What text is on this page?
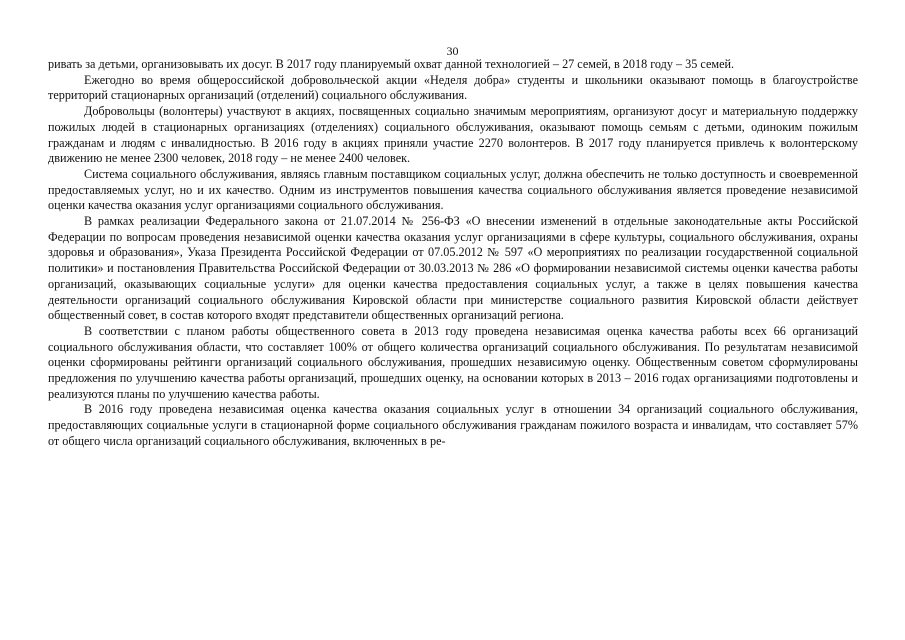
30

ривать за детьми, организовывать их досуг. В 2017 году планируемый охват данной технологией – 27 семей, в 2018 году – 35 семей.

Ежегодно во время общероссийской добровольческой акции «Неделя добра» студенты и школьники оказывают помощь в благоустройстве территорий стационарных организаций (отделений) социального обслуживания.

Добровольцы (волонтеры) участвуют в акциях, посвященных социально значимым мероприятиям, организуют досуг и материальную поддержку пожилых людей в стационарных организациях (отделениях) социального обслуживания, оказывают помощь семьям с детьми, одиноким пожилым гражданам и людям с инвалидностью. В 2016 году в акциях приняли участие 2270 волонтеров. В 2017 году планируется привлечь к волонтерскому движению не менее 2300 человек, 2018 году – не менее 2400 человек.

Система социального обслуживания, являясь главным поставщиком социальных услуг, должна обеспечить не только доступность и своевременной предоставляемых услуг, но и их качество. Одним из инструментов повышения качества социального обслуживания является проведение независимой оценки качества оказания услуг организациями социального обслуживания.

В рамках реализации Федерального закона от 21.07.2014 № 256-ФЗ «О внесении изменений в отдельные законодательные акты Российской Федерации по вопросам проведения независимой оценки качества оказания услуг организациями в сфере культуры, социального обслуживания, охраны здоровья и образования», Указа Президента Российской Федерации от 07.05.2012 № 597 «О мероприятиях по реализации государственной социальной политики» и постановления Правительства Российской Федерации от 30.03.2013 № 286 «О формировании независимой системы оценки качества работы организаций, оказывающих социальные услуги» для оценки качества предоставления социальных услуг, а также в целях повышения качества деятельности организаций социального обслуживания Кировской области при министерстве социального развития Кировской области действует общественный совет, в состав которого входят представители общественных организаций региона.

В соответствии с планом работы общественного совета в 2013 году проведена независимая оценка качества работы всех 66 организаций социального обслуживания области, что составляет 100% от общего количества организаций социального обслуживания. По результатам независимой оценки сформированы рейтинги организаций социального обслуживания, прошедших независимую оценку. Общественным советом сформулированы предложения по улучшению качества работы организаций, прошедших оценку, на основании которых в 2013 – 2016 годах организациями подготовлены и реализуются планы по улучшению качества работы.

В 2016 году проведена независимая оценка качества оказания социальных услуг в отношении 34 организаций социального обслуживания, предоставляющих социальные услуги в стационарной форме социального обслуживания гражданам пожилого возраста и инвалидам, что составляет 57% от общего числа организаций социального обслуживания, включенных в ре-
